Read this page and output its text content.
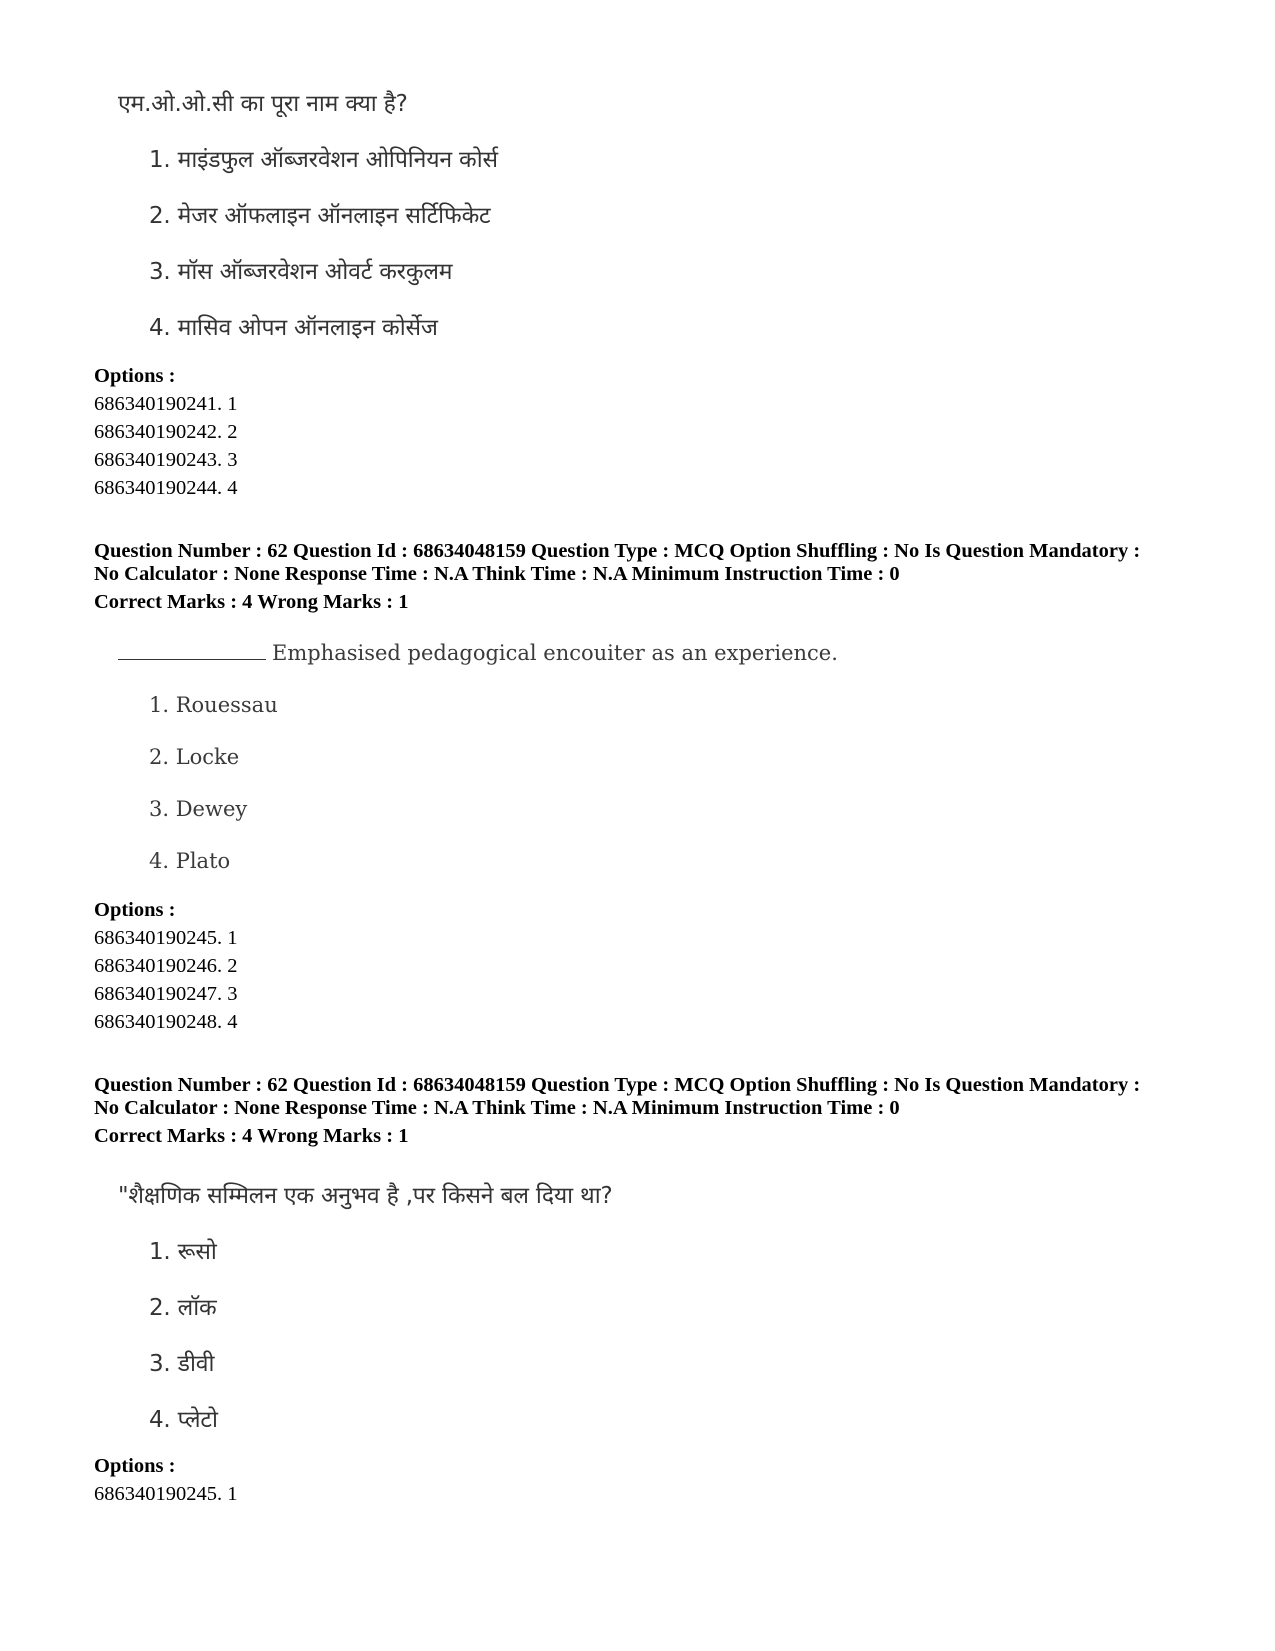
एम.ओ.ओ.सी का पूरा नाम क्या है?
1. माइंडफुल ऑब्जरवेशन ओपिनियन कोर्स
2. मेजर ऑफलाइन ऑनलाइन सर्टिफिकेट
3. मॉस ऑब्जरवेशन ओवर्ट करकुलम
4. मासिव ओपन ऑनलाइन कोर्सेज
Options :
686340190241. 1
686340190242. 2
686340190243. 3
686340190244. 4
Question Number : 62 Question Id : 68634048159 Question Type : MCQ Option Shuffling : No Is Question Mandatory :
No Calculator : None Response Time : N.A Think Time : N.A Minimum Instruction Time : 0
Correct Marks : 4 Wrong Marks : 1
Emphasised pedagogical encouiter as an experience.
1. Rouessau
2. Locke
3. Dewey
4. Plato
Options :
686340190245. 1
686340190246. 2
686340190247. 3
686340190248. 4
Question Number : 62 Question Id : 68634048159 Question Type : MCQ Option Shuffling : No Is Question Mandatory :
No Calculator : None Response Time : N.A Think Time : N.A Minimum Instruction Time : 0
Correct Marks : 4 Wrong Marks : 1
"शैक्षणिक सम्मिलन एक अनुभव है ,पर किसने बल दिया था?
1. रूसो
2. लॉक
3. डीवी
4. प्लेटो
Options :
686340190245. 1
